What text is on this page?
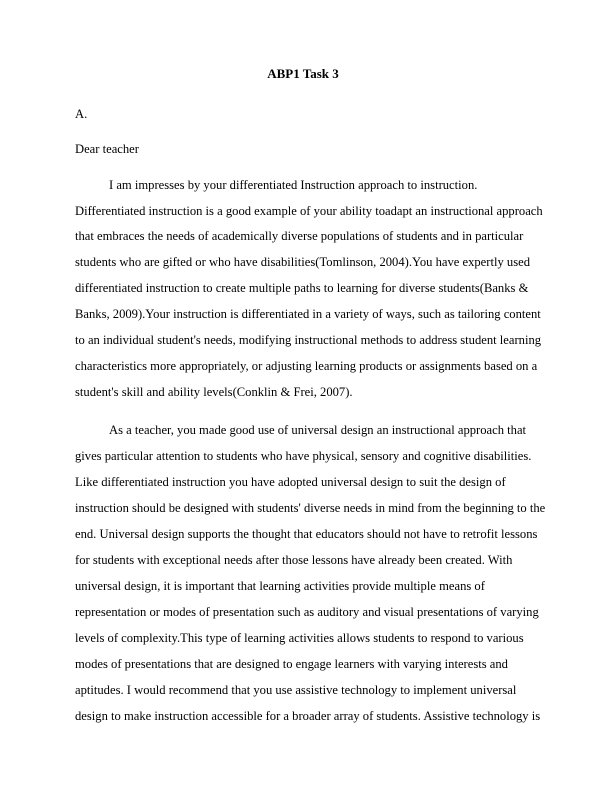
ABP1 Task 3
A.
Dear teacher
I am impresses by your differentiated Instruction approach to instruction.
Differentiated instruction is a good example of your ability toadapt an instructional approach
that embraces the needs of academically diverse populations of students and in particular
students who are gifted or who have disabilities(Tomlinson, 2004).You have expertly used
differentiated instruction to create multiple paths to learning for diverse students(Banks &
Banks, 2009).Your instruction is differentiated in a variety of ways, such as tailoring content
to an individual student's needs, modifying instructional methods to address student learning
characteristics more appropriately, or adjusting learning products or assignments based on a
student's skill and ability levels(Conklin & Frei, 2007).
As a teacher, you made good use of universal design an instructional approach that
gives particular attention to students who have physical, sensory and cognitive disabilities.
Like differentiated instruction you have adopted universal design to suit the design of
instruction should be designed with students' diverse needs in mind from the beginning to the
end. Universal design supports the thought that educators should not have to retrofit lessons
for students with exceptional needs after those lessons have already been created. With
universal design, it is important that learning activities provide multiple means of
representation or modes of presentation such as auditory and visual presentations of varying
levels of complexity.This type of learning activities allows students to respond to various
modes of presentations that are designed to engage learners with varying interests and
aptitudes. I would recommend that you use assistive technology to implement universal
design to make instruction accessible for a broader array of students. Assistive technology is
